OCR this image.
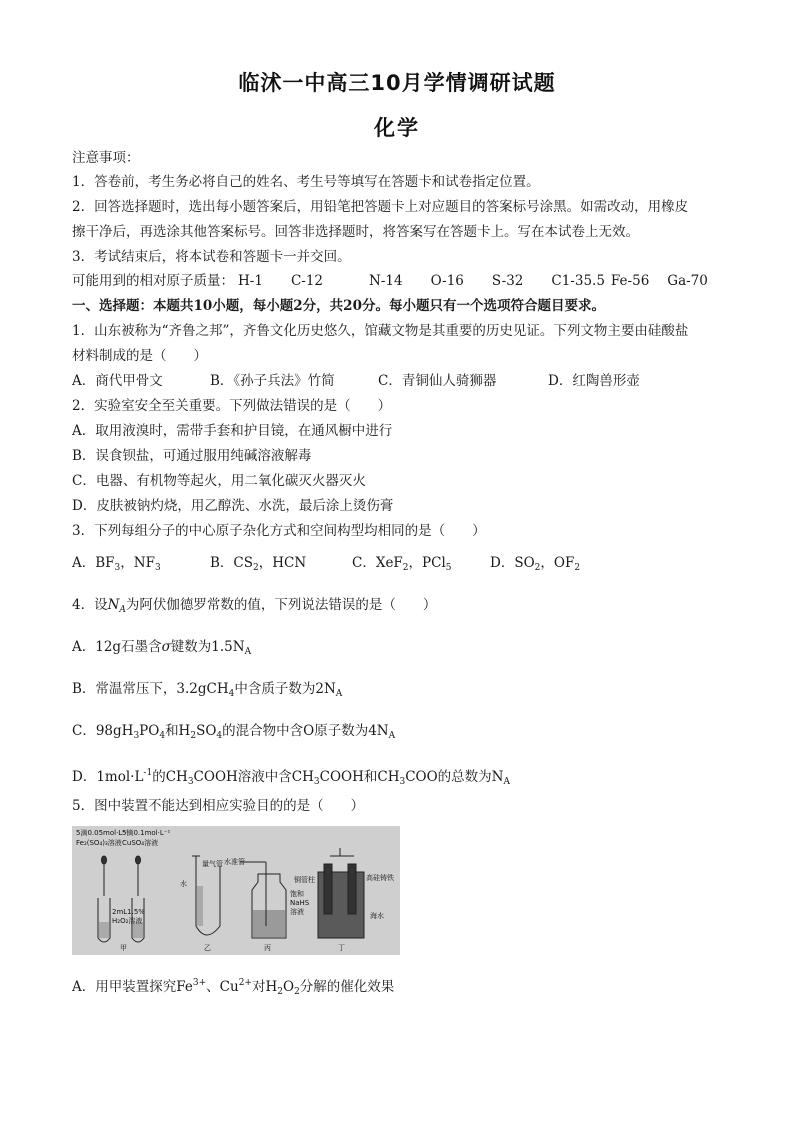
临沭一中高三10月学情调研试题
化学
注意事项：
1．答卷前，考生务必将自己的姓名、考生号等填写在答题卡和试卷指定位置。
2．回答选择题时，选出每小题答案后，用铅笔把答题卡上对应题目的答案标号涂黑。如需改动，用橡皮
擦干净后，再选涂其他答案标号。回答非选择题时，将答案写在答题卡上。写在本试卷上无效。
3．考试结束后，将本试卷和答题卡一并交回。
可能用到的相对原子质量： H-1 C-12	N-14 O-16 S-32 C1-35.5 Fe-56 Ga-70
一、选择题：本题共10小题，每小题2分，共20分。每小题只有一个选项符合题目要求。
1．山东被称为“齐鲁之邦”，齐鲁文化历史悠久，馆藏文物是其重要的历史见证。下列文物主要由硅酸盐
材料制成的是（　　）
A．商代甲骨文	B．《孙子兵法》竹简	C．青铜仙人骑狮器	D．红陶兽形壶
2．实验室安全至关重要。下列做法错误的是（　　）
A．取用液溴时，需带手套和护目镜，在通风橱中进行
B．误食钡盐，可通过服用纯碱溶液解毒
C．电器、有机物等起火，用二氧化碳灭火器灭火
D．皮肤被钠灼烧，用乙醇洗、水洗，最后涂上烫伤膏
3．下列每组分子的中心原子杂化方式和空间构型均相同的是（　　）
A．$BF_3$，$NF_3$	B．$CS_2$，HCN	C．XeF$_2$，PCl$_5$	D．$SO_2$，$OF_2$
4．设$N_A$为阿伏伽德罗常数的值，下列说法错误的是（　　）
A．12g石墨含σ键数为$1.5N_A$
B．常温常压下，3.2gCH$_4$中含质子数为$2N_A$
C．$98gH_3PO_4$和$H_2SO_4$的混合物中含O原子数为$4N_A$
D．$1mol\cdot L^{-1}$的$CH_3COOH$溶液中含$CH_3COOH$和$CH_3COO$的总数为$N_A$
5．图中装置不能达到相应实验目的的是（　　）
5滴0.05mol·L⁻¹
Fe₂(SO₄)₃溶液
5滴0.1mol·L⁻¹
CuSO₄溶液
2mL1.5%
H₂O₂溶液
甲
水
量气管 水准管
乙
饱和
NaHS
溶液
丙
铜管柱	高硅铸铁
海水
丁
A．用甲装置探究$Fe^{3+}$、$Cu^{2+}$对$H_2O_2$分解的催化效果
